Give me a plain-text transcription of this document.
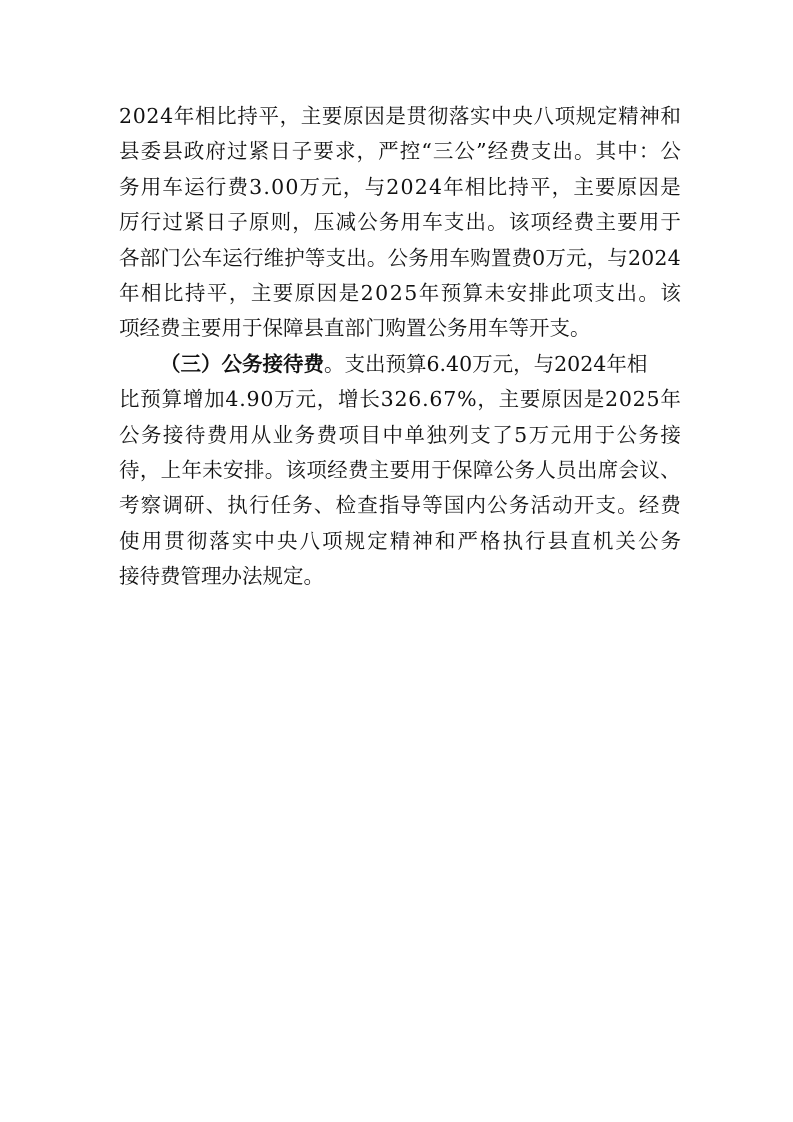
2 0 2 4 年 相 比 持 平 ， 主 要 原 因 是 贯 彻 落 实 中 央 八 项 规 定 精 神 和
县 委 县 政 府 过 紧 日 子 要 求 ， 严 控 “ 三 公 ” 经 费 支 出 。 其 中 ： 公
务 用 车 运 行 费 3 . 0 0 万 元 ， 与 2 0 2 4 年 相 比 持 平 ， 主 要 原 因 是
厉 行 过 紧 日 子 原 则 ， 压 减 公 务 用 车 支 出 。 该 项 经 费 主 要 用 于
各 部 门 公 车 运 行 维 护 等 支 出 。 公 务 用 车 购 置 费 0 万 元 ， 与 2 0 2 4
年 相 比 持 平 ， 主 要 原 因 是 2 0 2 5 年 预 算 未 安 排 此 项 支 出 。 该
项经费主要用于保障县直部门购置公务用车等开支。
（三）公务接待费。支出预算6.40万元，与2024年相
比 预 算 增 加 4 . 9 0 万 元 ， 增 长 3 2 6 . 6 7 % ， 主 要 原 因 是 2 0 2 5 年
公 务 接 待 费 用 从 业 务 费 项 目 中 单 独 列 支 了 5 万 元 用 于 公 务 接
待 ， 上 年 未 安 排 。 该 项 经 费 主 要 用 于 保 障 公 务 人 员 出 席 会 议 、
考 察 调 研 、 执 行 任 务 、 检 查 指 导 等 国 内 公 务 活 动 开 支 。 经 费
使 用 贯 彻 落 实 中 央 八 项 规 定 精 神 和 严 格 执 行 县 直 机 关 公 务
接待费管理办法规定。
